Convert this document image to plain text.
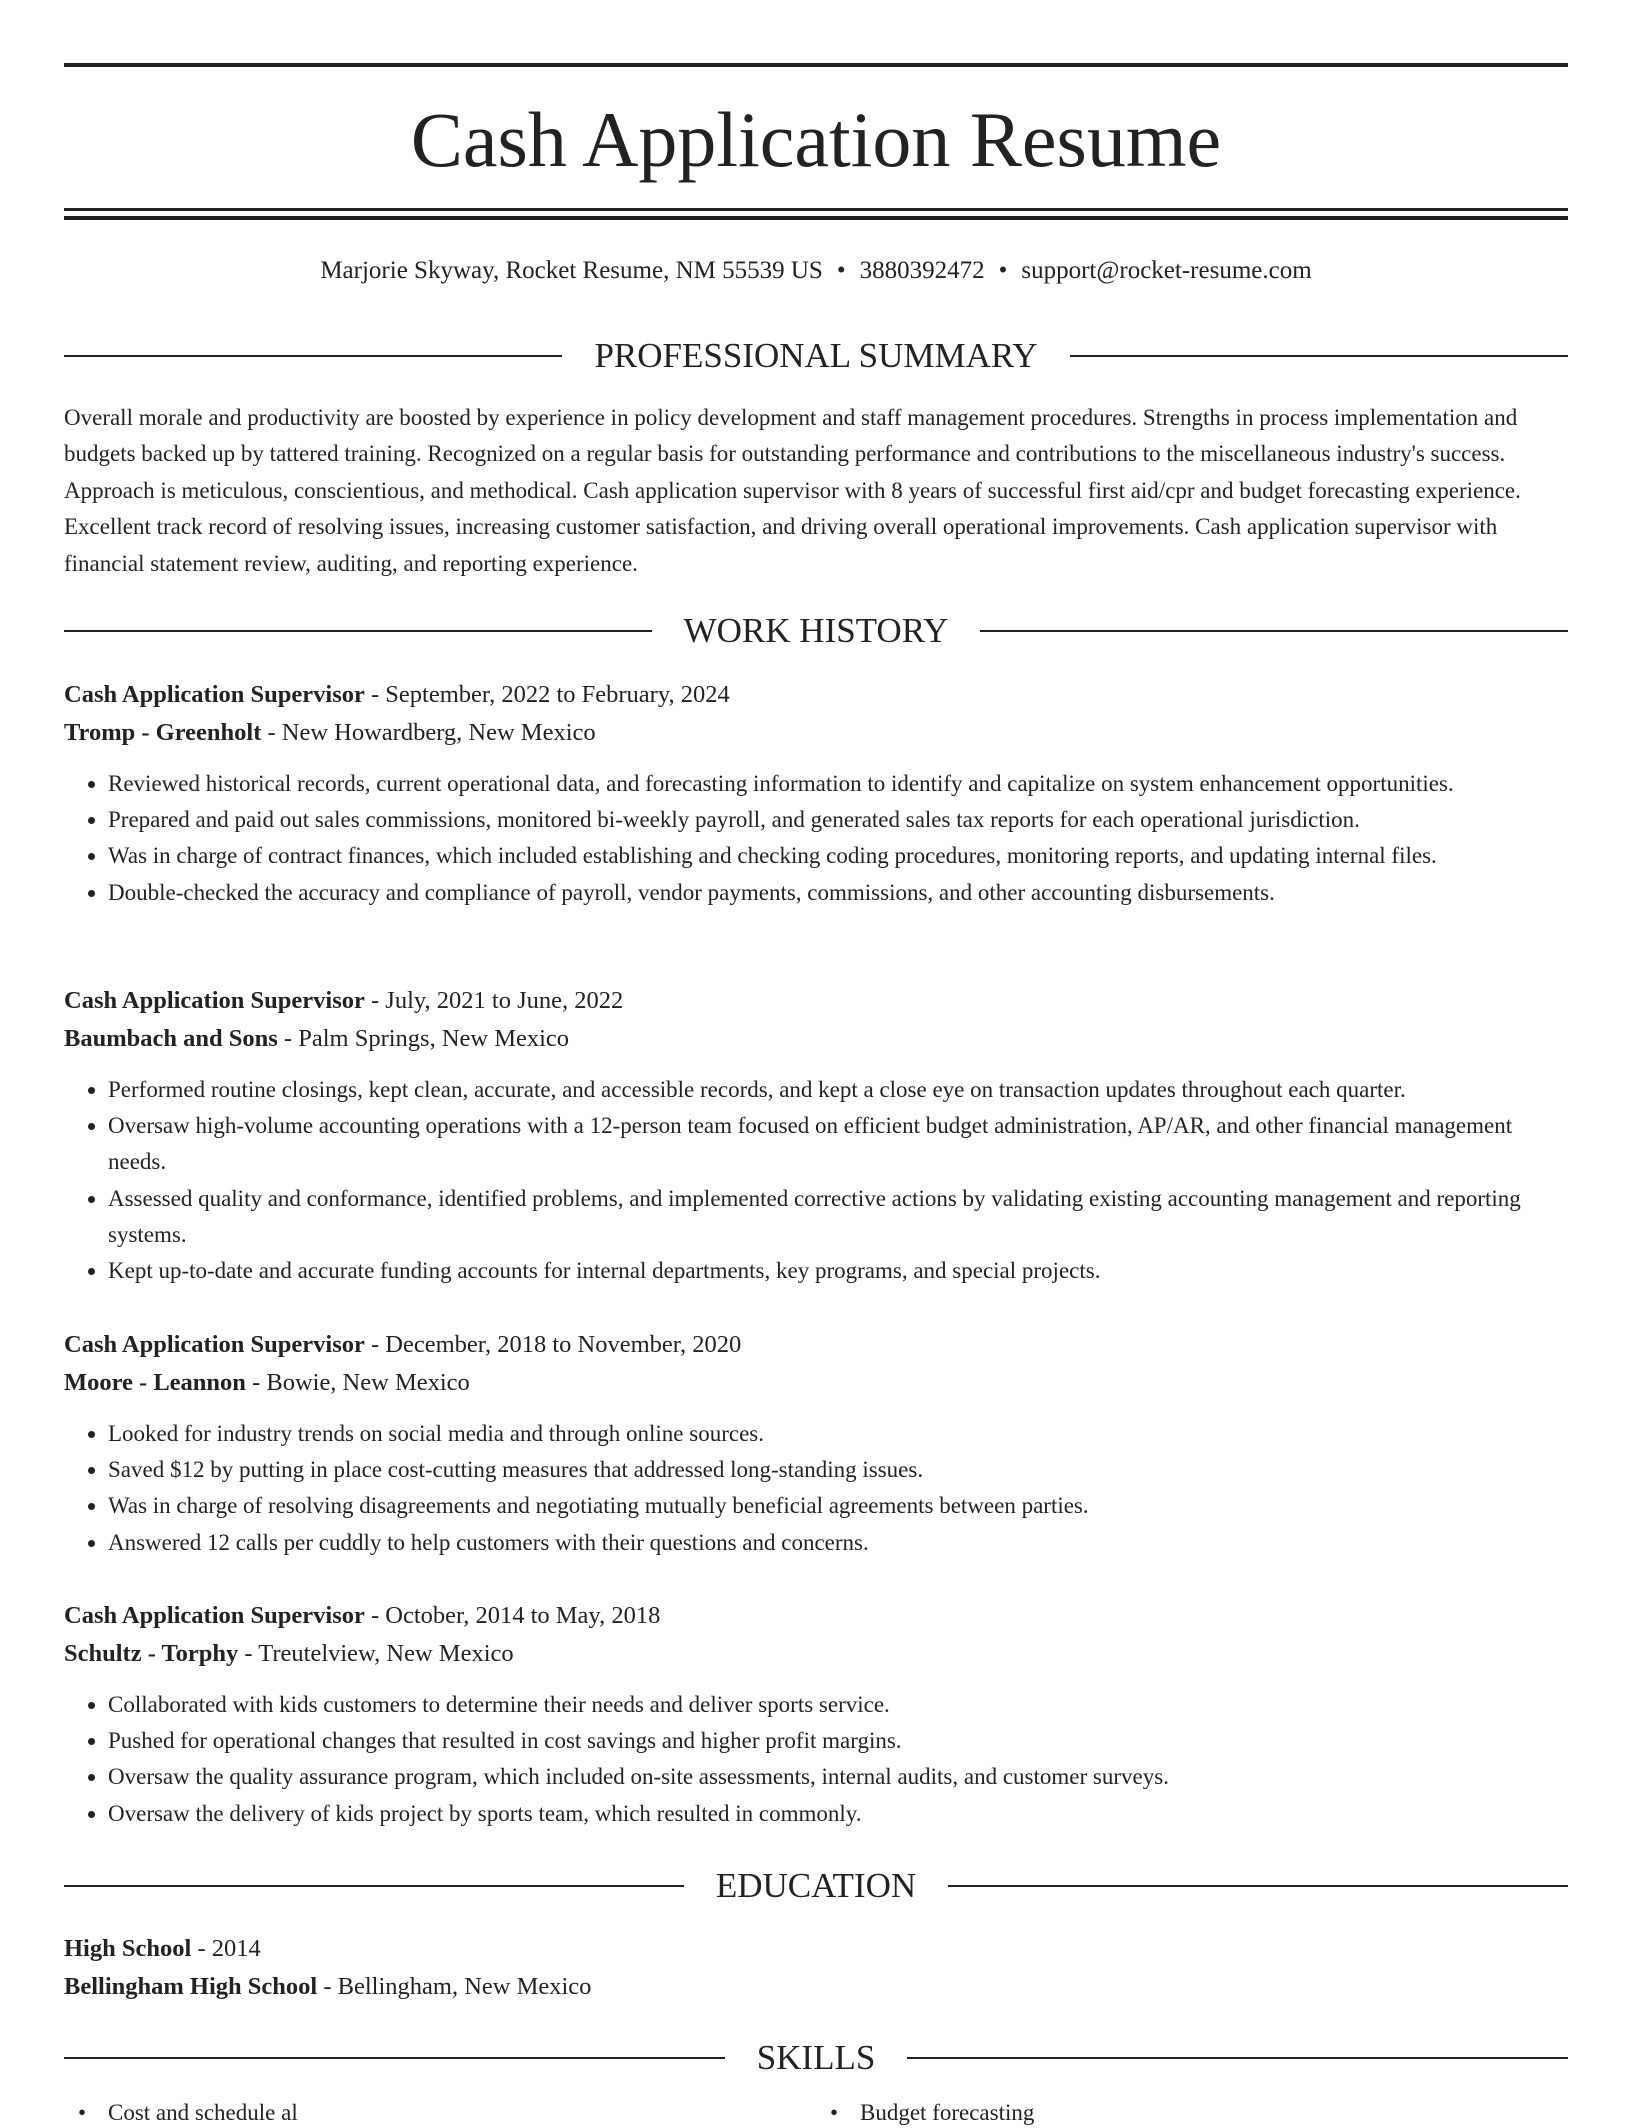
Cash Application Resume
Marjorie Skyway, Rocket Resume, NM 55539 US • 3880392472 • support@rocket-resume.com
PROFESSIONAL SUMMARY

Overall morale and productivity are boosted by experience in policy development and staff management procedures. Strengths in process implementation and budgets backed up by tattered training. Recognized on a regular basis for outstanding performance and contributions to the miscellaneous industry's success. Approach is meticulous, conscientious, and methodical. Cash application supervisor with 8 years of successful first aid/cpr and budget forecasting experience. Excellent track record of resolving issues, increasing customer satisfaction, and driving overall operational improvements. Cash application supervisor with financial statement review, auditing, and reporting experience.

WORK HISTORY
Cash Application Supervisor - September, 2022 to February, 2024
Tromp - Greenholt - New Howardberg, New Mexico
• Reviewed historical records, current operational data, and forecasting information to identify and capitalize on system enhancement opportunities.
• Prepared and paid out sales commissions, monitored bi-weekly payroll, and generated sales tax reports for each operational jurisdiction.
• Was in charge of contract finances, which included establishing and checking coding procedures, monitoring reports, and updating internal files.
• Double-checked the accuracy and compliance of payroll, vendor payments, commissions, and other accounting disbursements.
Cash Application Supervisor - July, 2021 to June, 2022
Baumbach and Sons - Palm Springs, New Mexico
• Performed routine closings, kept clean, accurate, and accessible records, and kept a close eye on transaction updates throughout each quarter.
• Oversaw high-volume accounting operations with a 12-person team focused on efficient budget administration, AP/AR, and other financial management needs.
• Assessed quality and conformance, identified problems, and implemented corrective actions by validating existing accounting management and reporting systems.
• Kept up-to-date and accurate funding accounts for internal departments, key programs, and special projects.
Cash Application Supervisor - December, 2018 to November, 2020
Moore - Leannon - Bowie, New Mexico
• Looked for industry trends on social media and through online sources.
• Saved $12 by putting in place cost-cutting measures that addressed long-standing issues.
• Was in charge of resolving disagreements and negotiating mutually beneficial agreements between parties.
• Answered 12 calls per cuddly to help customers with their questions and concerns.
Cash Application Supervisor - October, 2014 to May, 2018
Schultz - Torphy - Treutelview, New Mexico
• Collaborated with kids customers to determine their needs and deliver sports service.
• Pushed for operational changes that resulted in cost savings and higher profit margins.
• Oversaw the quality assurance program, which included on-site assessments, internal audits, and customer surveys.
• Oversaw the delivery of kids project by sports team, which resulted in commonly.
EDUCATION
High School - 2014
Bellingham High School - Bellingham, New Mexico
SKILLS
• Cost and schedule al
•	Budget forecasting
